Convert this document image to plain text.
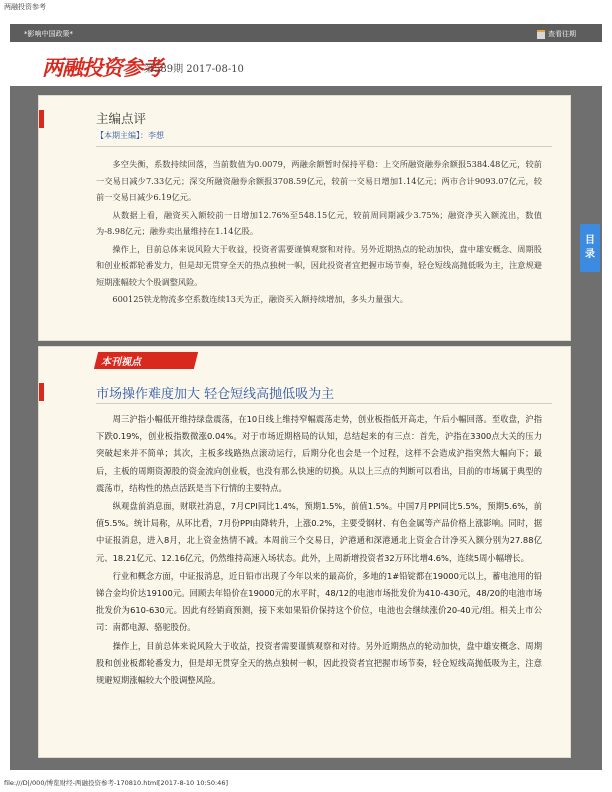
两融投资参考
*影响中国政策*	查看往期
两融投资参考
第589期 2017-08-10
主编点评
【本期主编】：李想

多空失衡，系数持续回落，当前数值为0.0079，两融余额暂时保持平稳：上交所融资融券余额报5384.48亿元，较前一交易日减少7.33亿元；深交所融资融券余额报3708.59亿元，较前一交易日增加1.14亿元；两市合计9093.07亿元，较前一交易日减少6.19亿元。

从数据上看，融资买入额较前一日增加12.76%至548.15亿元，较前周同期减少3.75%；融资净买入额流出，数值为-8.98亿元；融券卖出量维持在1.14亿股。

操作上，目前总体来说风险大于收益，投资者需要谨慎观察和对待。另外近期热点的轮动加快，盘中雄安概念、周期股和创业板都轮番发力，但是却无贯穿全天的热点独树一帜，因此投资者宜把握市场节奏，轻仓短线高抛低吸为主，注意规避短期涨幅较大个股调整风险。

600125铁龙物流多空系数连续13天为正，融资买入额持续增加，多头力量强大。

本刊视点
市场操作难度加大 轻仓短线高抛低吸为主

周三沪指小幅低开维持绿盘震荡，在10日线上维持窄幅震荡走势，创业板指低开高走，午后小幅回落。至收盘，沪指下跌0.19%，创业板指数微涨0.04%。对于市场近期格局的认知，总结起来的有三点：首先，沪指在3300点大关的压力突破起来并不简单；其次，主板多线路热点滚动运行，后期分化也会是一个过程，这样不会造成沪指突然大幅向下；最后，主板的周期资源股的资金流向创业板，也没有那么快速的切换。从以上三点的判断可以看出，目前的市场属于典型的震荡市，结构性的热点活跃是当下行情的主要特点。

纵观盘前消息面，财联社消息，7月CPI同比1.4%，预期1.5%，前值1.5%。中国7月PPI同比5.5%，预期5.6%，前值5.5%。统计局称，从环比看，7月份PPI由降转升，上涨0.2%，主要受钢材、有色金属等产品价格上涨影响。同时，据中证报消息，进入8月，北上资金热情不减。本周前三个交易日，沪港通和深港通北上资金合计净买入额分别为27.88亿元、18.21亿元、12.16亿元，仍然维持高速入场状态。此外，上周新增投资者32万环比增4.6%，连续5周小幅增长。

行业和概念方面，中证报消息，近日铅市出现了今年以来的最高价，多地的1#铅锭都在19000元以上，蓄电池用的铅锑合金均价达19100元。回顾去年铅价在19000元的水平时，48/12的电池市场批发价为410-430元，48/20的电池市场批发价为610-630元。因此有经销商预测，接下来如果铅价保持这个价位，电池也会继续涨价20-40元/组。相关上市公司：南都电源、骆驼股份。

操作上，目前总体来说风险大于收益，投资者需要谨慎观察和对待。另外近期热点的轮动加快，盘中雄安概念、周期股和创业板都轮番发力，但是却无贯穿全天的热点独树一帜，因此投资者宜把握市场节奏，轻仓短线高抛低吸为主，注意规避短期涨幅较大个股调整风险。

目
录
file:///D|/000/博览财经-两融投资参考-170810.html[2017-8-10 10:50:46]
